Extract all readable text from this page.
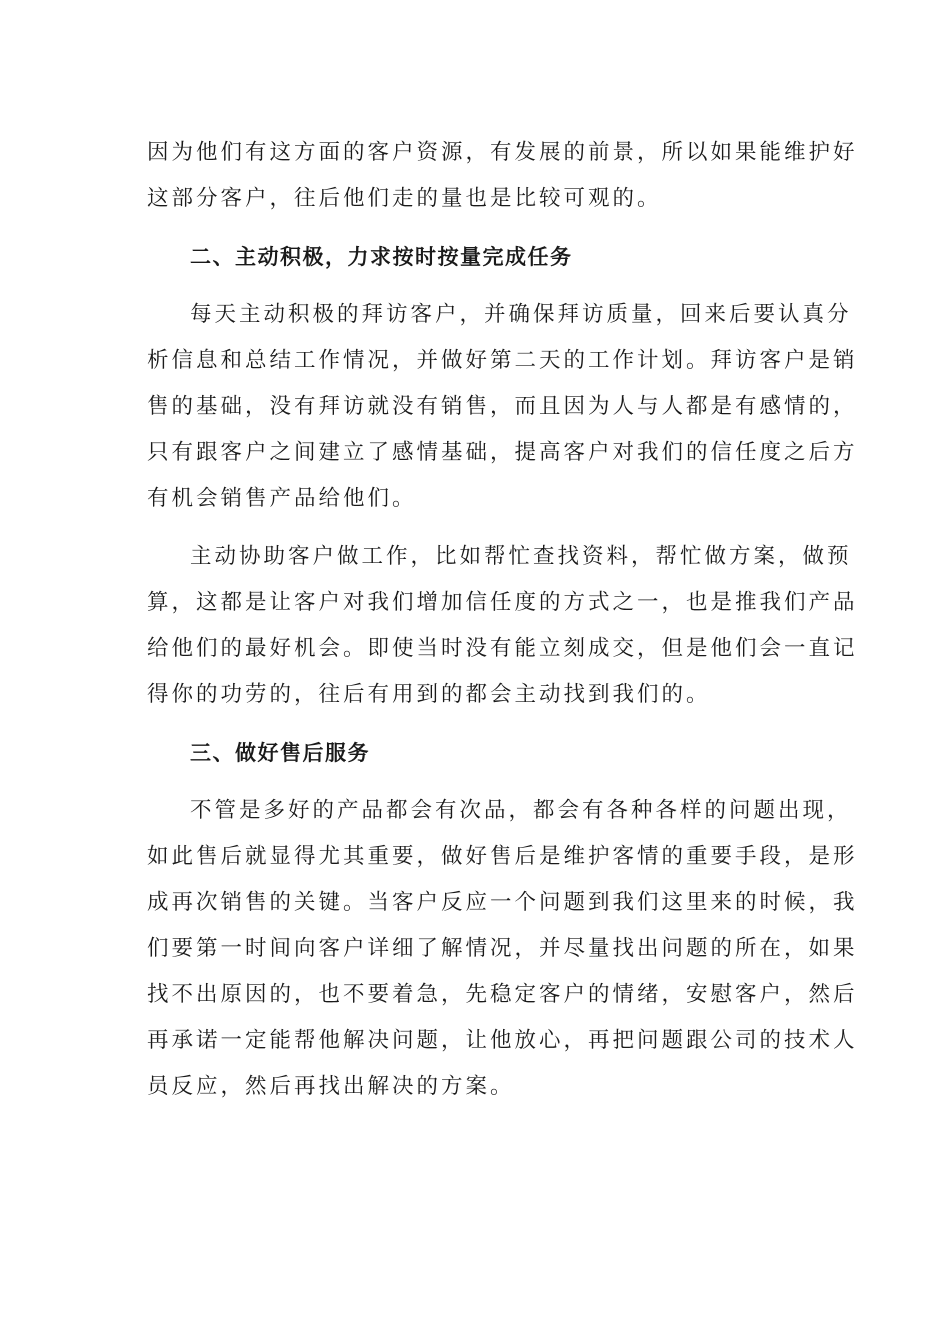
因为他们有这方面的客户资源，有发展的前景，所以如果能维护好
这部分客户，往后他们走的量也是比较可观的。

二、主动积极，力求按时按量完成任务

每天主动积极的拜访客户，并确保拜访质量，回来后要认真分
析信息和总结工作情况，并做好第二天的工作计划。拜访客户是销
售的基础，没有拜访就没有销售，而且因为人与人都是有感情的，
只有跟客户之间建立了感情基础，提高客户对我们的信任度之后方
有机会销售产品给他们。

主动协助客户做工作，比如帮忙查找资料，帮忙做方案，做预
算，这都是让客户对我们增加信任度的方式之一，也是推我们产品
给他们的最好机会。即使当时没有能立刻成交，但是他们会一直记
得你的功劳的，往后有用到的都会主动找到我们的。

三、做好售后服务

不管是多好的产品都会有次品，都会有各种各样的问题出现，
如此售后就显得尤其重要，做好售后是维护客情的重要手段，是形
成再次销售的关键。当客户反应一个问题到我们这里来的时候，我
们要第一时间向客户详细了解情况，并尽量找出问题的所在，如果
找不出原因的，也不要着急，先稳定客户的情绪，安慰客户，然后
再承诺一定能帮他解决问题，让他放心，再把问题跟公司的技术人
员反应，然后再找出解决的方案。
